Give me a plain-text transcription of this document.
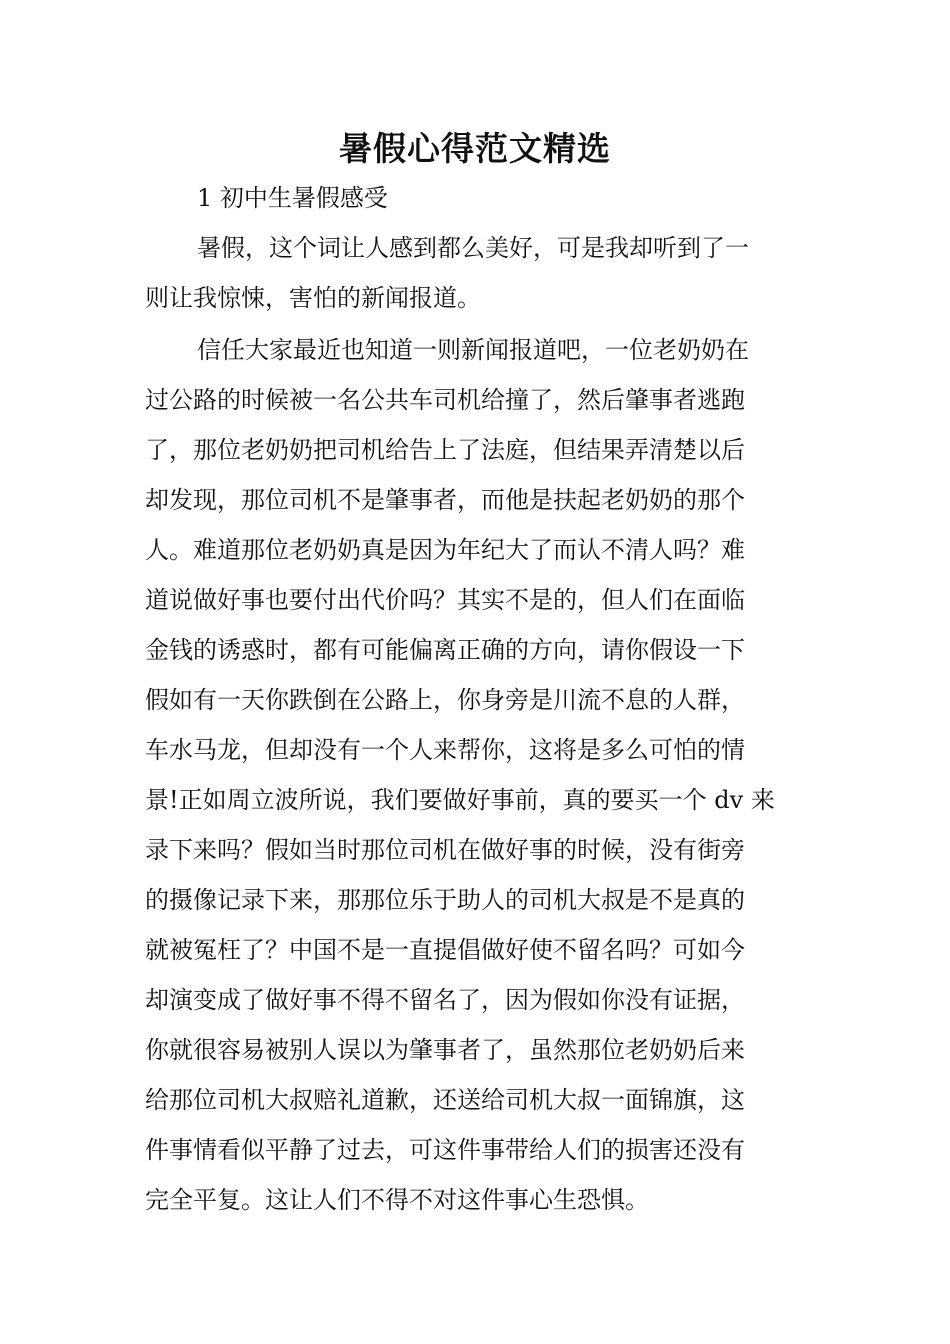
暑假心得范文精选
1 初中生暑假感受

暑假，这个词让人感到都么美好，可是我却听到了一
则让我惊悚，害怕的新闻报道。

信任大家最近也知道一则新闻报道吧，一位老奶奶在
过公路的时候被一名公共车司机给撞了，然后肇事者逃跑
了，那位老奶奶把司机给告上了法庭，但结果弄清楚以后
却发现，那位司机不是肇事者，而他是扶起老奶奶的那个
人。难道那位老奶奶真是因为年纪大了而认不清人吗？难
道说做好事也要付出代价吗？其实不是的，但人们在面临
金钱的诱惑时，都有可能偏离正确的方向，请你假设一下
假如有一天你跌倒在公路上，你身旁是川流不息的人群，
车水马龙，但却没有一个人来帮你，这将是多么可怕的情
景!正如周立波所说，我们要做好事前，真的要买一个 dv 来
录下来吗？假如当时那位司机在做好事的时候，没有街旁
的摄像记录下来，那那位乐于助人的司机大叔是不是真的
就被冤枉了？中国不是一直提倡做好使不留名吗？可如今
却演变成了做好事不得不留名了，因为假如你没有证据，
你就很容易被别人误以为肇事者了，虽然那位老奶奶后来
给那位司机大叔赔礼道歉，还送给司机大叔一面锦旗，这
件事情看似平静了过去，可这件事带给人们的损害还没有
完全平复。这让人们不得不对这件事心生恐惧。
